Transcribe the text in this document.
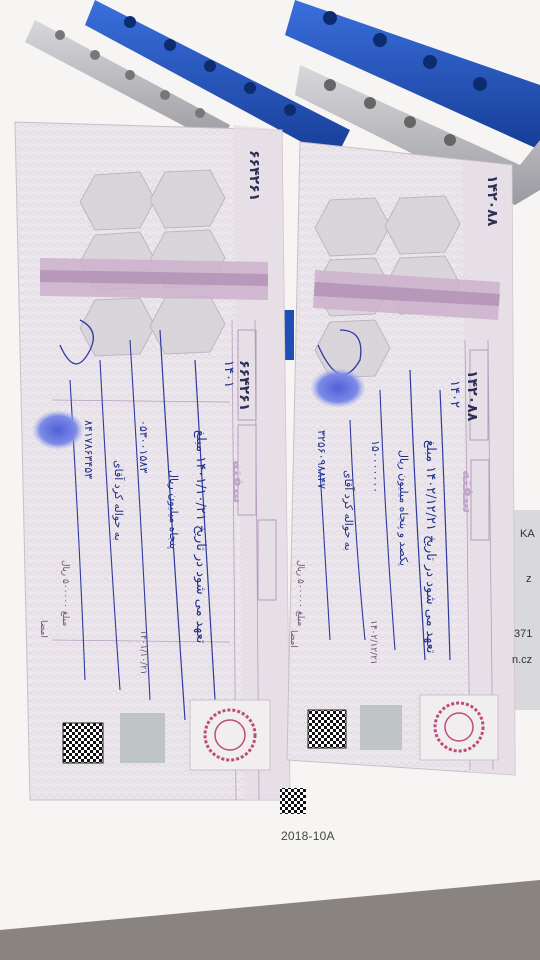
۶۶۴۲۶۱
۶۶۴۲۶۱
سفته
۱۴۰۱
تعهد می شود در تاریخ ۱۴۰۱/۱۰/۲۱ مبلغ
پنجاه میلیون ریال
۰۵۳۰۰۱۵۸۳
به حواله کرد آقای
۸۴۱۷۸۶۳۴۵۳
مبلغ ۵۰۰۰۰۰ ریال
امضا
۱۴۰۱/۱۰/۲۱
۱۴۲۰۸۸
۱۴۲۰۸۸
سفته
۱۴۰۲
تعهد می شود در تاریخ ۱۴۰۲/۱۲/۲۱ مبلغ
یکصد و پنجاه میلیون ریال
۱۵۰۰۰۰۰۰۰
به حواله کرد آقای
۳۲۵۶۰۹۸۸۴۷
مبلغ ۵۰۰۰۰۰ ریال
امضا	۱۴۰۲/۱۲/۲۱
2018-10A
KA
z
371
n.cz
